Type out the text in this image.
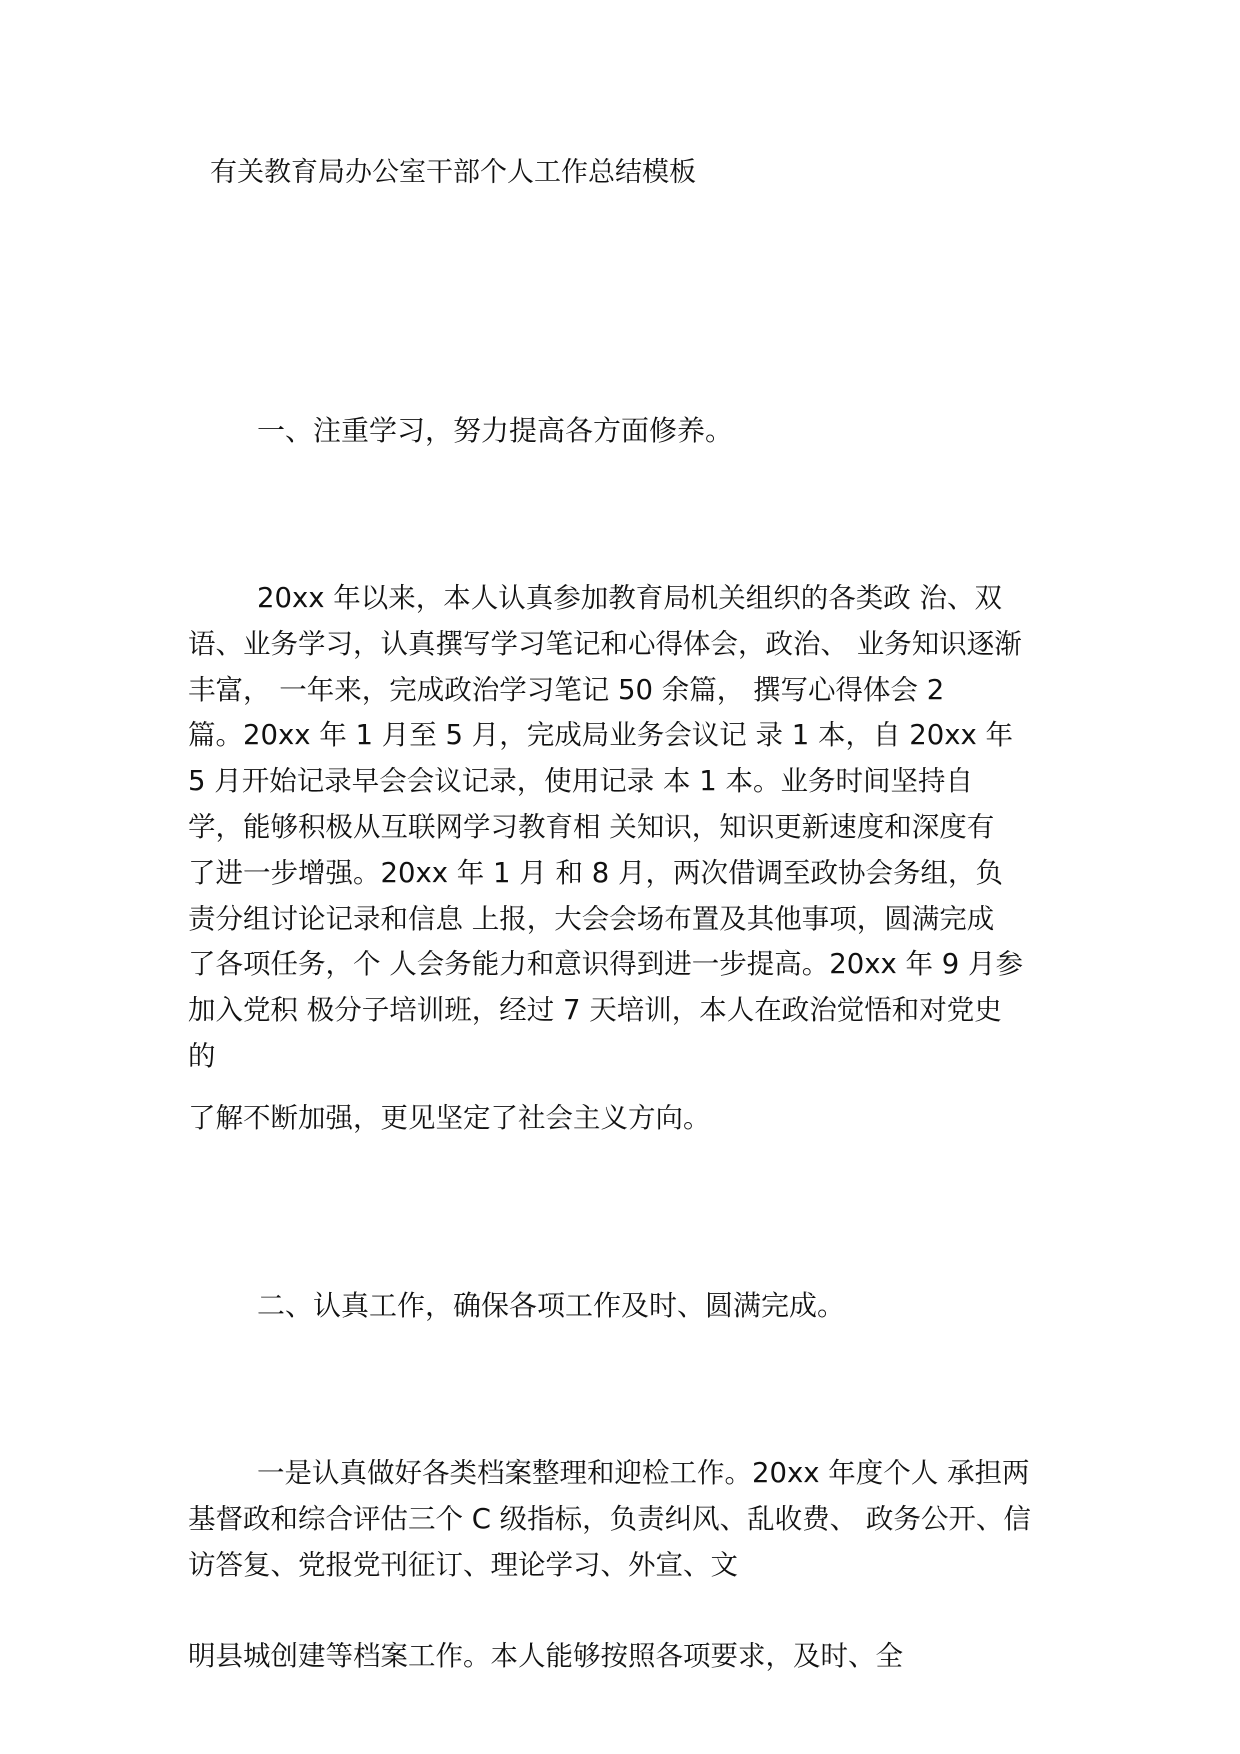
有关教育局办公室干部个人工作总结模板
一、注重学习，努力提高各方面修养。
20xx 年以来，本人认真参加教育局机关组织的各类政 治、双
语、业务学习，认真撰写学习笔记和心得体会，政治、 业务知识逐渐
丰富， 一年来，完成政治学习笔记 50 余篇， 撰写心得体会 2
篇。20xx 年 1 月至 5 月，完成局业务会议记 录 1 本，自 20xx 年
5 月开始记录早会会议记录，使用记录 本 1 本。业务时间坚持自
学，能够积极从互联网学习教育相 关知识，知识更新速度和深度有
了进一步增强。20xx 年 1 月 和 8 月，两次借调至政协会务组，负
责分组讨论记录和信息 上报，大会会场布置及其他事项，圆满完成
了各项任务，个 人会务能力和意识得到进一步提高。20xx 年 9 月参
加入党积 极分子培训班，经过 7 天培训，本人在政治觉悟和对党史
的
了解不断加强，更见坚定了社会主义方向。
二、认真工作，确保各项工作及时、圆满完成。
一是认真做好各类档案整理和迎检工作。20xx 年度个人 承担两
基督政和综合评估三个 C 级指标，负责纠风、乱收费、 政务公开、信
访答复、党报党刊征订、理论学习、外宣、文
明县城创建等档案工作。本人能够按照各项要求，及时、全
